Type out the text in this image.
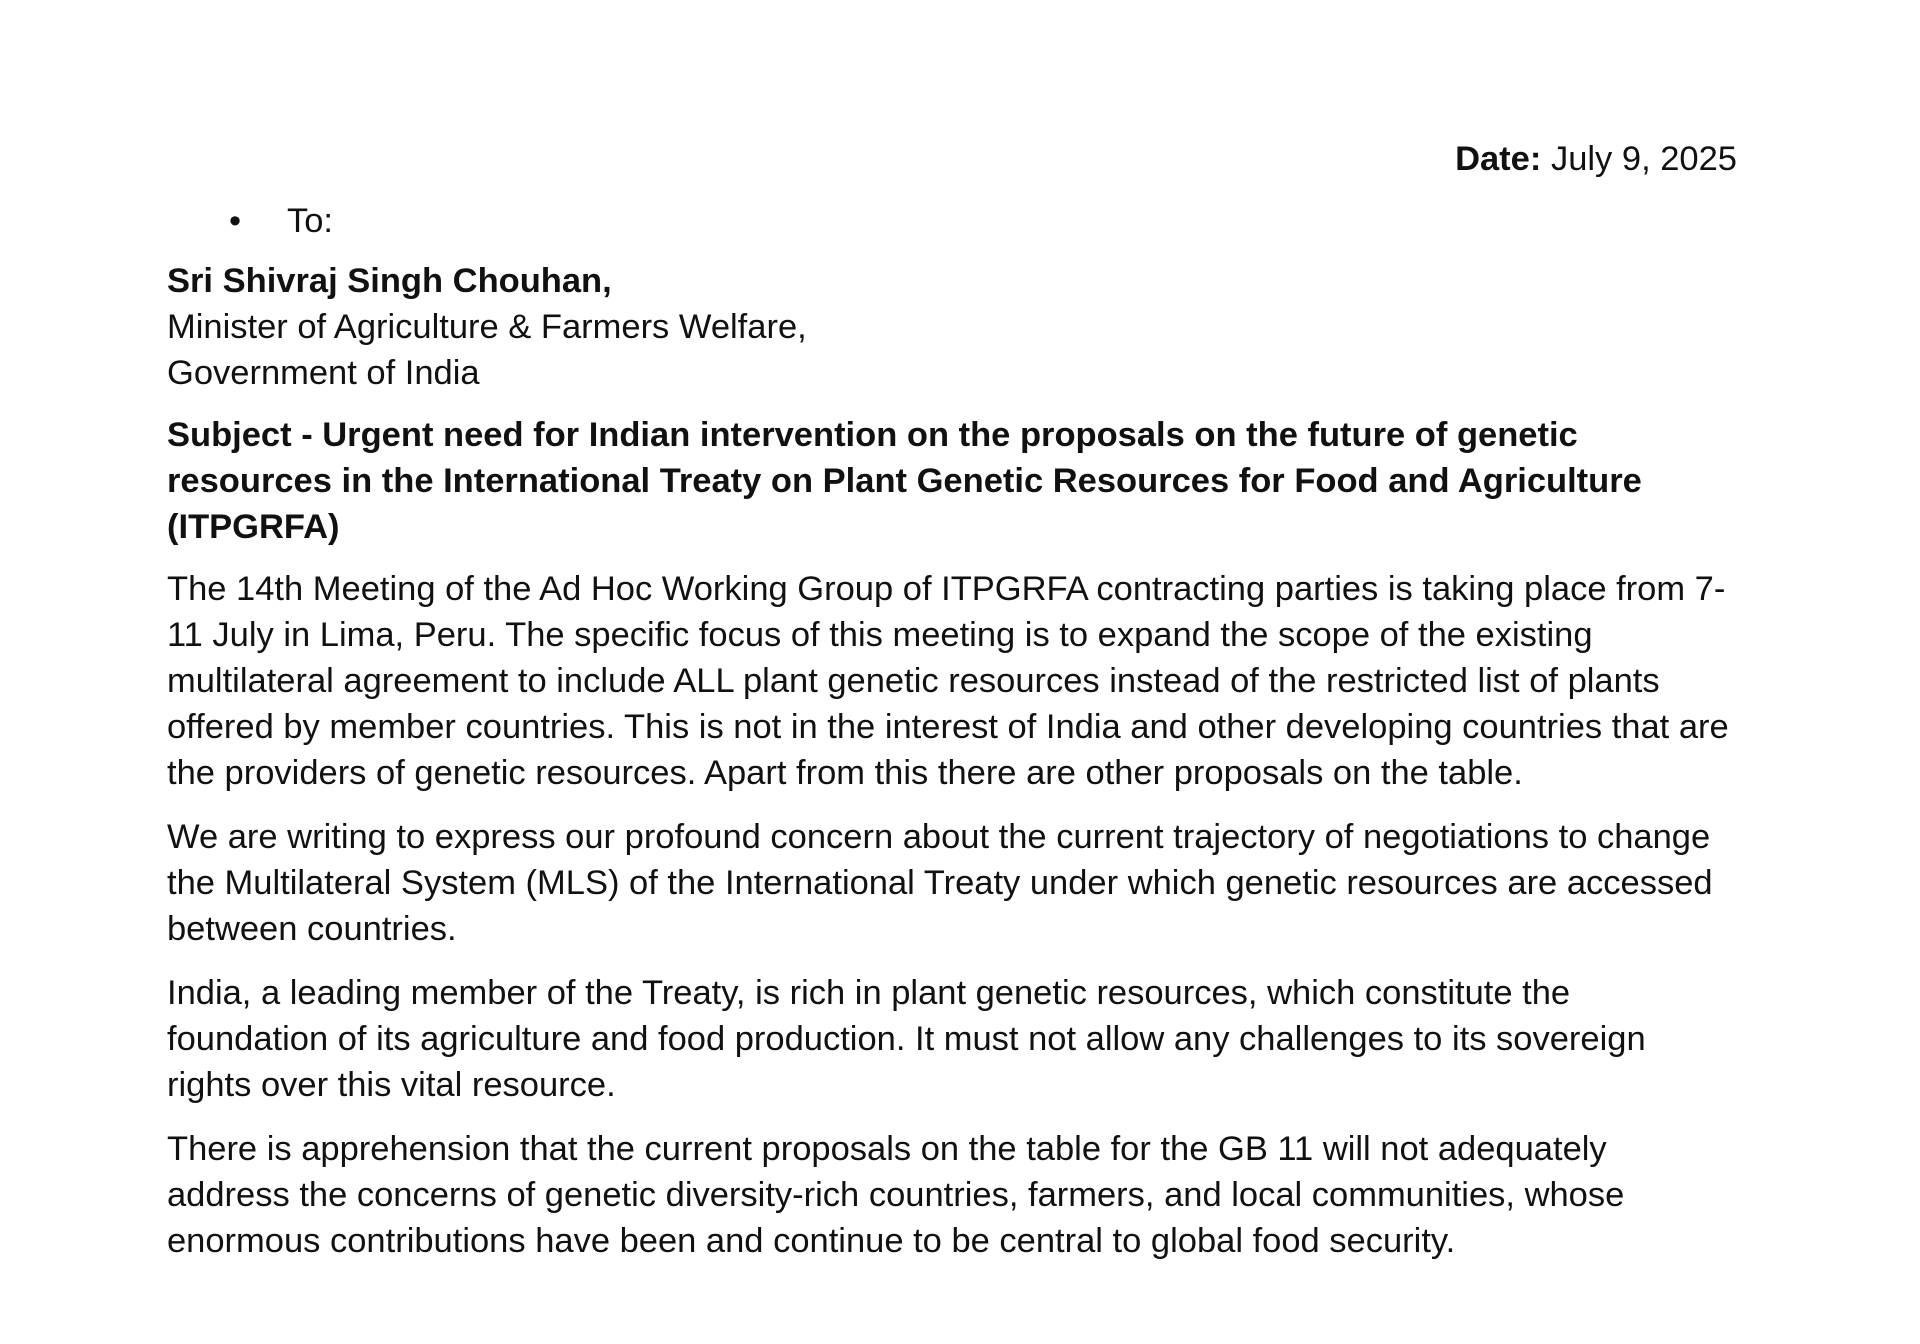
Date: July 9, 2025

• To:
Sri Shivraj Singh Chouhan,
Minister of Agriculture & Farmers Welfare,
Government of India

Subject - Urgent need for Indian intervention on the proposals on the future of genetic resources in the International Treaty on Plant Genetic Resources for Food and Agriculture (ITPGRFA)

The 14th Meeting of the Ad Hoc Working Group of ITPGRFA contracting parties is taking place from 7-11 July in Lima, Peru. The specific focus of this meeting is to expand the scope of the existing multilateral agreement to include ALL plant genetic resources instead of the restricted list of plants offered by member countries. This is not in the interest of India and other developing countries that are the providers of genetic resources. Apart from this there are other proposals on the table.

We are writing to express our profound concern about the current trajectory of negotiations to change the Multilateral System (MLS) of the International Treaty under which genetic resources are accessed between countries.

India, a leading member of the Treaty, is rich in plant genetic resources, which constitute the foundation of its agriculture and food production. It must not allow any challenges to its sovereign rights over this vital resource.

There is apprehension that the current proposals on the table for the GB 11 will not adequately address the concerns of genetic diversity-rich countries, farmers, and local communities, whose enormous contributions have been and continue to be central to global food security.
